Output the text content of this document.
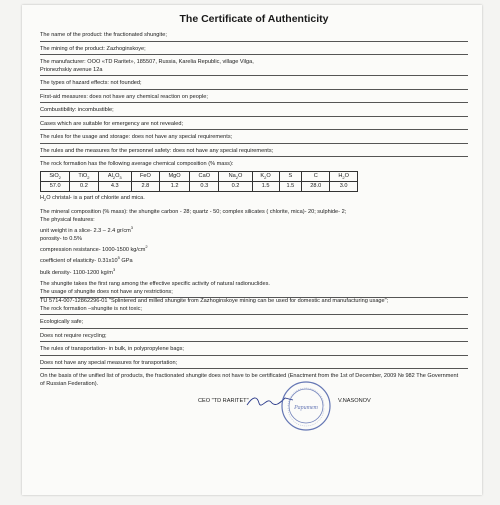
The Certificate of Authenticity
The name of the product: the fractionated shungite;
The mining of the product: Zazhoginskoye;
The manufacturer: OOO «TD Raritet», 185507, Russia, Karelia Republic, village Vilga,
Prionezhskiy avenue 12a
The types of hazard effects: not founded;
First-aid measures: does not have any chemical reaction on people;
Combustibility: incombustible;
Cases which are suitable for emergency are not revealed;
The rules for the usage and storage: does not have any special requirements;
The rules and the measures for the personnel safety: does not have any special requirements;
The rock formation has the following average chemical composition (% mass):
SiO$_2$	TiO$_2$	$Al_2O_3$	FeO	MgO	CaO	$Na_2O$	$K_2O$	S	C	$H_2O$
57.0	0.2	4.3	2.8	1.2	0.3	0.2	1.5	1.5	28.0	3.0
$H_2O$ christal- is a part of chlorite and mica.
The mineral composition (% mass): the shungite carbon - 28; quartz - 50; complex silicates ( chlorite, mica)- 20; sulphide- 2;
The physical features:
unit weight in a slice- 2.3 – 2.4 $gr/cm^3$
porosity- to 0.5%
compression resistance- 1000-1500 $kg/cm^2$
coefficient of elasticity- $0.31x10^5$ GPa
bulk density- 1100-1200 $kg/m^3$
The shungite takes the first rang among the effective specific activity of natural radionuclides.
The usage of shungite does not have any restrictions;
TU 5714-007-12862296-01 "Splintered and milled shungite from Zazhoginskoye mining can be used for domestic and manufacturing usage";
The rock formation –shungite is not toxic;
Ecologically safe;
Does not require recycling;
The rules of transportation- in bulk, in polypropylene bags;
Does not have any special measures for transportation;
On the basis of the unified list of products, the fractionated shungite does not have to be certificated (Enactment from the 1st of December, 2009 № 982 The Government of Russian Federation).
CEO "TD RARITET"
Раритет
V.NASONOV
